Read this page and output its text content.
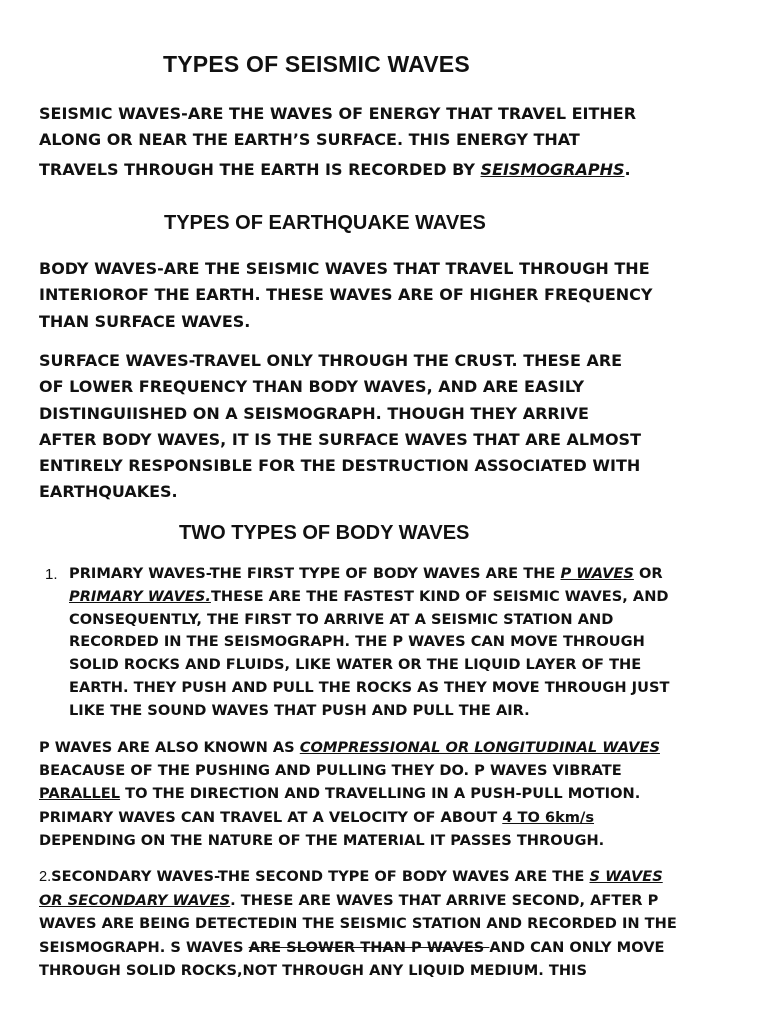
TYPES OF SEISMIC WAVES

SEISMIC WAVES-ARE THE WAVES OF ENERGY THAT TRAVEL EITHER
ALONG OR NEAR THE EARTH’S SURFACE. THIS ENERGY THAT
TRAVELS THROUGH THE EARTH IS RECORDED BY SEISMOGRAPHS.

TYPES OF EARTHQUAKE WAVES

BODY WAVES-ARE THE SEISMIC WAVES THAT TRAVEL THROUGH THE
INTERIOROF THE EARTH. THESE WAVES ARE OF HIGHER FREQUENCY
THAN SURFACE WAVES.

SURFACE WAVES-TRAVEL ONLY THROUGH THE CRUST. THESE ARE
OF LOWER FREQUENCY THAN BODY WAVES, AND ARE EASILY
DISTINGUIISHED ON A SEISMOGRAPH. THOUGH THEY ARRIVE
AFTER BODY WAVES, IT IS THE SURFACE WAVES THAT ARE ALMOST
ENTIRELY RESPONSIBLE FOR THE DESTRUCTION ASSOCIATED WITH
EARTHQUAKES.

TWO TYPES OF BODY WAVES
1. PRIMARY WAVES-THE FIRST TYPE OF BODY WAVES ARE THE P WAVES OR
PRIMARY WAVES.THESE ARE THE FASTEST KIND OF SEISMIC WAVES, AND
CONSEQUENTLY, THE FIRST TO ARRIVE AT A SEISMIC STATION AND
RECORDED IN THE SEISMOGRAPH. THE P WAVES CAN MOVE THROUGH
SOLID ROCKS AND FLUIDS, LIKE WATER OR THE LIQUID LAYER OF THE
EARTH. THEY PUSH AND PULL THE ROCKS AS THEY MOVE THROUGH JUST
LIKE THE SOUND WAVES THAT PUSH AND PULL THE AIR.

P WAVES ARE ALSO KNOWN AS COMPRESSIONAL OR LONGITUDINAL WAVES
BEACAUSE OF THE PUSHING AND PULLING THEY DO. P WAVES VIBRATE
PARALLEL TO THE DIRECTION AND TRAVELLING IN A PUSH-PULL MOTION.
PRIMARY WAVES CAN TRAVEL AT A VELOCITY OF ABOUT 4 TO 6km/s
DEPENDING ON THE NATURE OF THE MATERIAL IT PASSES THROUGH.

2.SECONDARY WAVES-THE SECOND TYPE OF BODY WAVES ARE THE S WAVES
OR SECONDARY WAVES. THESE ARE WAVES THAT ARRIVE SECOND, AFTER P
WAVES ARE BEING DETECTEDIN THE SEISMIC STATION AND RECORDED IN THE
SEISMOGRAPH. S WAVES ARE SLOWER THAN P WAVES AND CAN ONLY MOVE
THROUGH SOLID ROCKS,NOT THROUGH ANY LIQUID MEDIUM. THIS
